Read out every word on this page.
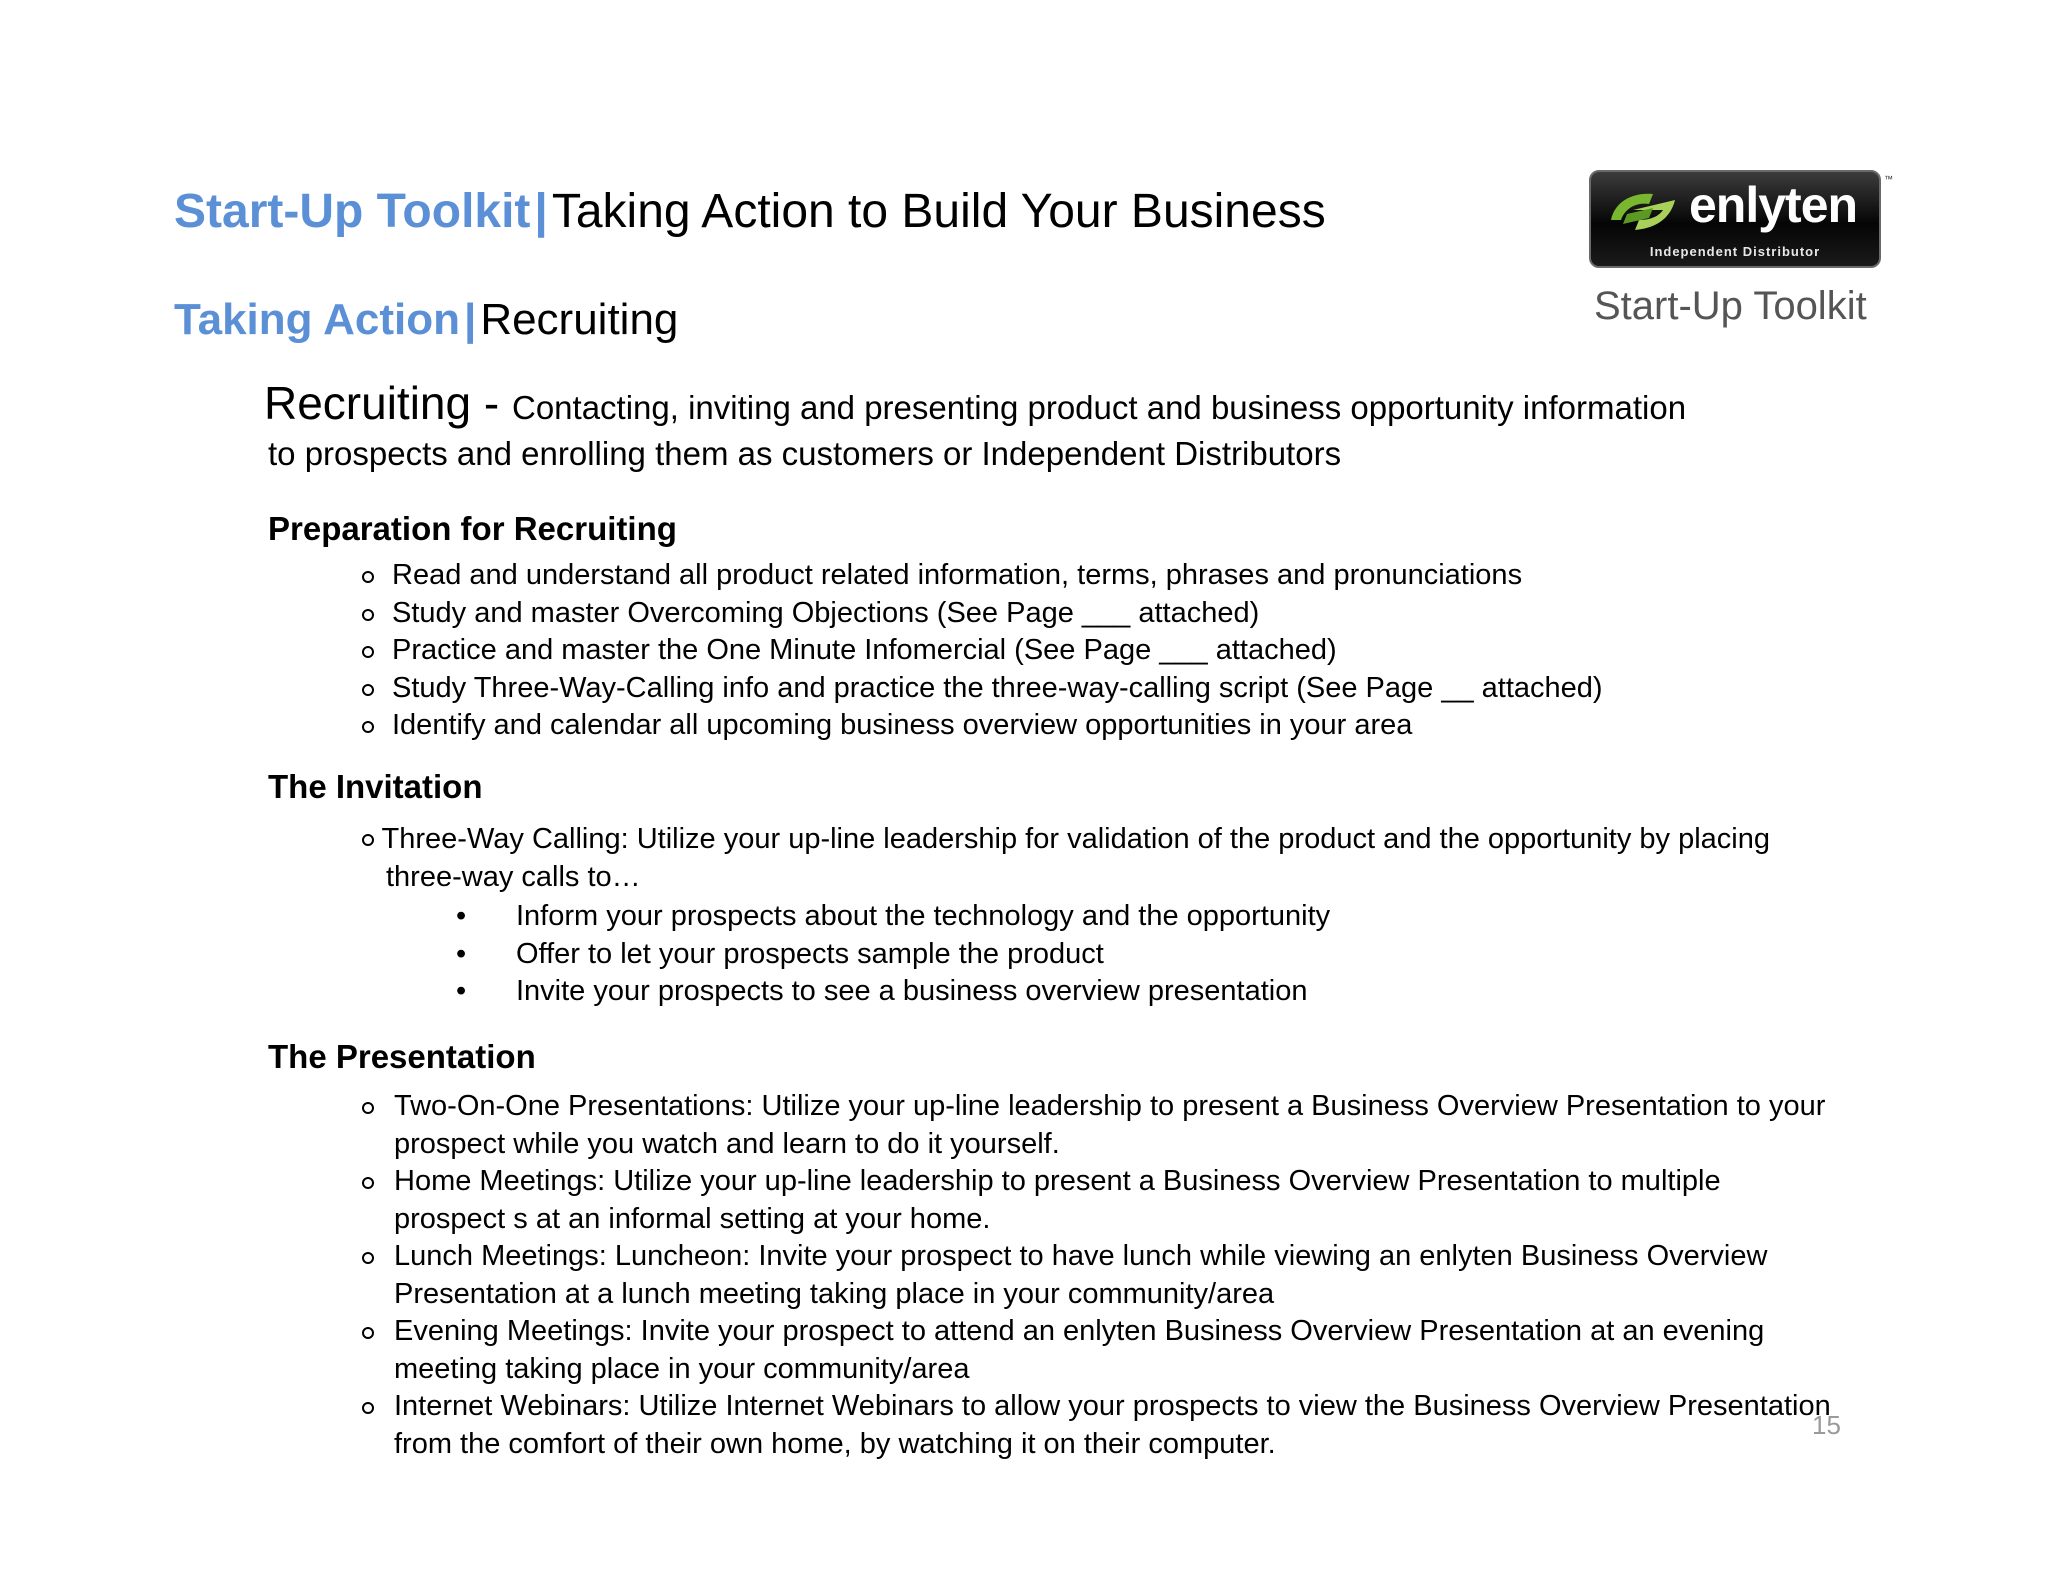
Start-Up Toolkit|Taking Action to Build Your Business
Taking Action|Recruiting
enlyten
Independent Distributor
™
Start-Up Toolkit
Recruiting - Contacting, inviting and presenting product and business opportunity information
to prospects and enrolling them as customers or Independent Distributors
Preparation for Recruiting
Read and understand all product related information, terms, phrases and pronunciations
Study and master Overcoming Objections (See Page ___ attached)
Practice and master the One Minute Infomercial (See Page ___ attached)
Study Three-Way-Calling info and practice the three-way-calling script (See Page __ attached)
Identify and calendar all upcoming business overview opportunities in your area
The Invitation
Three-Way Calling: Utilize your up-line leadership for validation of the product and the opportunity by placing
three-way calls to…
• Inform your prospects about the technology and the opportunity
• Offer to let your prospects sample the product
• Invite your prospects to see a business overview presentation
The Presentation
Two-On-One Presentations: Utilize your up-line leadership to present a Business Overview Presentation to your
prospect while you watch and learn to do it yourself.
Home Meetings: Utilize your up-line leadership to present a Business Overview Presentation to multiple
prospect s at an informal setting at your home.
Lunch Meetings: Luncheon: Invite your prospect to have lunch while viewing an enlyten Business Overview
Presentation at a lunch meeting taking place in your community/area
Evening Meetings: Invite your prospect to attend an enlyten Business Overview Presentation at an evening
meeting taking place in your community/area
Internet Webinars: Utilize Internet Webinars to allow your prospects to view the Business Overview Presentation
from the comfort of their own home, by watching it on their computer.
15
